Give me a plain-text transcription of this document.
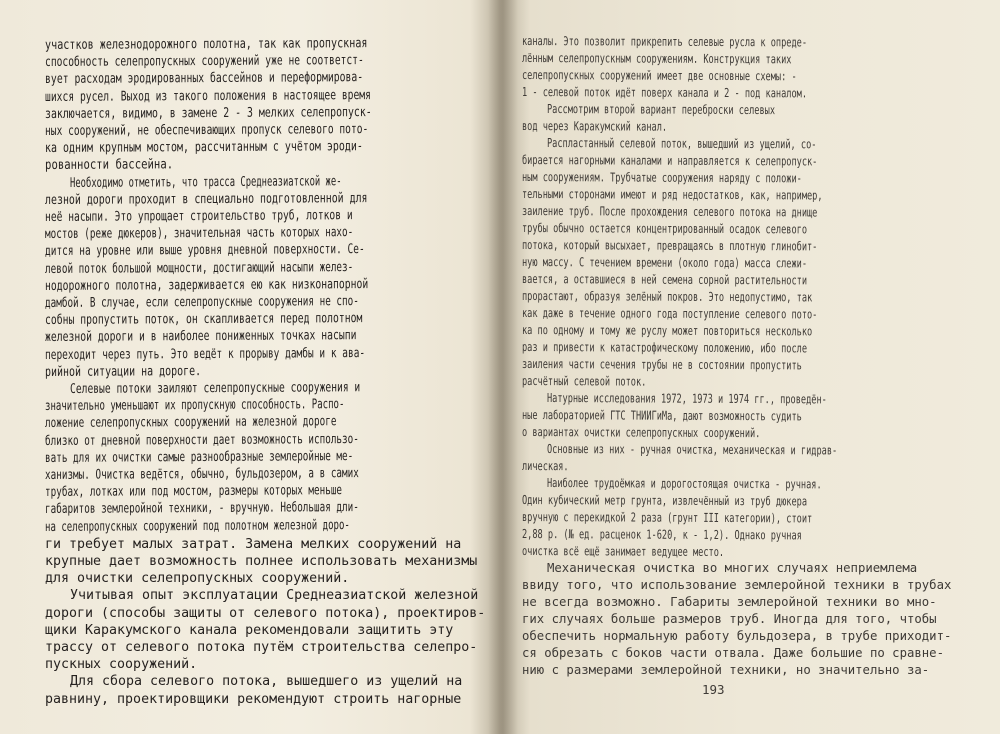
участков железнодорожного полотна, так как пропускная

способность селепропускных сооружений уже не соответст-

вует расходам эродированных бассейнов и переформирова-

шихся русел. Выход из такого положения в настоящее время

заключается, видимо, в замене 2 - 3 мелких селепропуск-

ных сооружений, не обеспечивающих пропуск селевого пото-

ка одним крупным мостом, рассчитанным с учётом эроди-

рованности бассейна.

Необходимо отметить, что трасса Среднеазиатской же-

лезной дороги проходит в специально подготовленной для

неё насыпи. Это упрощает строительство труб, лотков и

мостов (реже дюкеров), значительная часть которых нахо-

дится на уровне или выше уровня дневной поверхности. Се-

левой поток большой мощности, достигающий насыпи желез-

нодорожного полотна, задерживается ею как низконапорной

дамбой. В случае, если селепропускные сооружения не спо-

собны пропустить поток, он скапливается перед полотном

железной дороги и в наиболее пониженных точках насыпи

переходит через путь. Это ведёт к прорыву дамбы и к ава-

рийной ситуации на дороге.

Селевые потоки заиляют селепропускные сооружения и

значительно уменьшают их пропускную способность. Распо-

ложение селепропускных сооружений на железной дороге

близко от дневной поверхности дает возможность использо-

вать для их очистки самые разнообразные землеройные ме-

ханизмы. Очистка ведётся, обычно, бульдозером, а в самих

трубах, лотках или под мостом, размеры которых меньше

габаритов землеройной техники, - вручную. Небольшая дли-

на селепропускных сооружений под полотном железной доро-

ги требует малых затрат. Замена мелких сооружений на

крупные дает возможность полнее использовать механизмы

для очистки селепропускных сооружений.

Учитывая опыт эксплуатации Среднеазиатской железной

дороги (способы защиты от селевого потока), проектиров-

щики Каракумского канала рекомендовали защитить эту

трассу от селевого потока путём строительства селепро-

пускных сооружений.

Для сбора селевого потока, вышедшего из ущелий на

равнину, проектировщики рекомендуют строить нагорные

каналы. Это позволит прикрепить селевые русла к опреде-

лённым селепропускным сооружениям. Конструкция таких

селепропускных сооружений имеет две основные схемы: -

1 - селевой поток идёт поверх канала и 2 - под каналом.

Рассмотрим второй вариант переброски селевых

вод через Каракумский канал.

Распластанный селевой поток, вышедший из ущелий, со-

бирается нагорными каналами и направляется к селепропуск-

ным сооружениям. Трубчатые сооружения наряду с положи-

тельными сторонами имеют и ряд недостатков, как, например,

заиление труб. После прохождения селевого потока на днище

трубы обычно остается концентрированный осадок селевого

потока, который высыхает, превращаясь в плотную глинобит-

ную массу. С течением времени (около года) масса слежи-

вается, а оставшиеся в ней семена сорной растительности

прорастают, образуя зелёный покров. Это недопустимо, так

как даже в течение одного года поступление селевого пото-

ка по одному и тому же руслу может повториться несколько

раз и привести к катастрофическому положению, ибо после

заиления части сечения трубы не в состоянии пропустить

расчётный селевой поток.

Натурные исследования 1972, 1973 и 1974 гг., проведён-

ные лабораторией ГТС ТНИИГиМа, дают возможность судить

о вариантах очистки селепропускных сооружений.

Основные из них - ручная очистка, механическая и гидрав-

лическая.

Наиболее трудоёмкая и дорогостоящая очистка - ручная.

Один кубический метр грунта, извлечённый из труб дюкера

вручную с перекидкой 2 раза (грунт III категории), стоит

2,88 р. (№ ед. расценок 1-620, к - 1,2). Однако ручная

очистка всё ещё занимает ведущее место.

Механическая очистка во многих случаях неприемлема

ввиду того, что использование землеройной техники в трубах

не всегда возможно. Габариты землеройной техники во мно-

гих случаях больше размеров труб. Иногда для того, чтобы

обеспечить нормальную работу бульдозера, в трубе приходит-

ся обрезать с боков части отвала. Даже большие по сравне-

нию с размерами землеройной техники, но значительно за-

193
